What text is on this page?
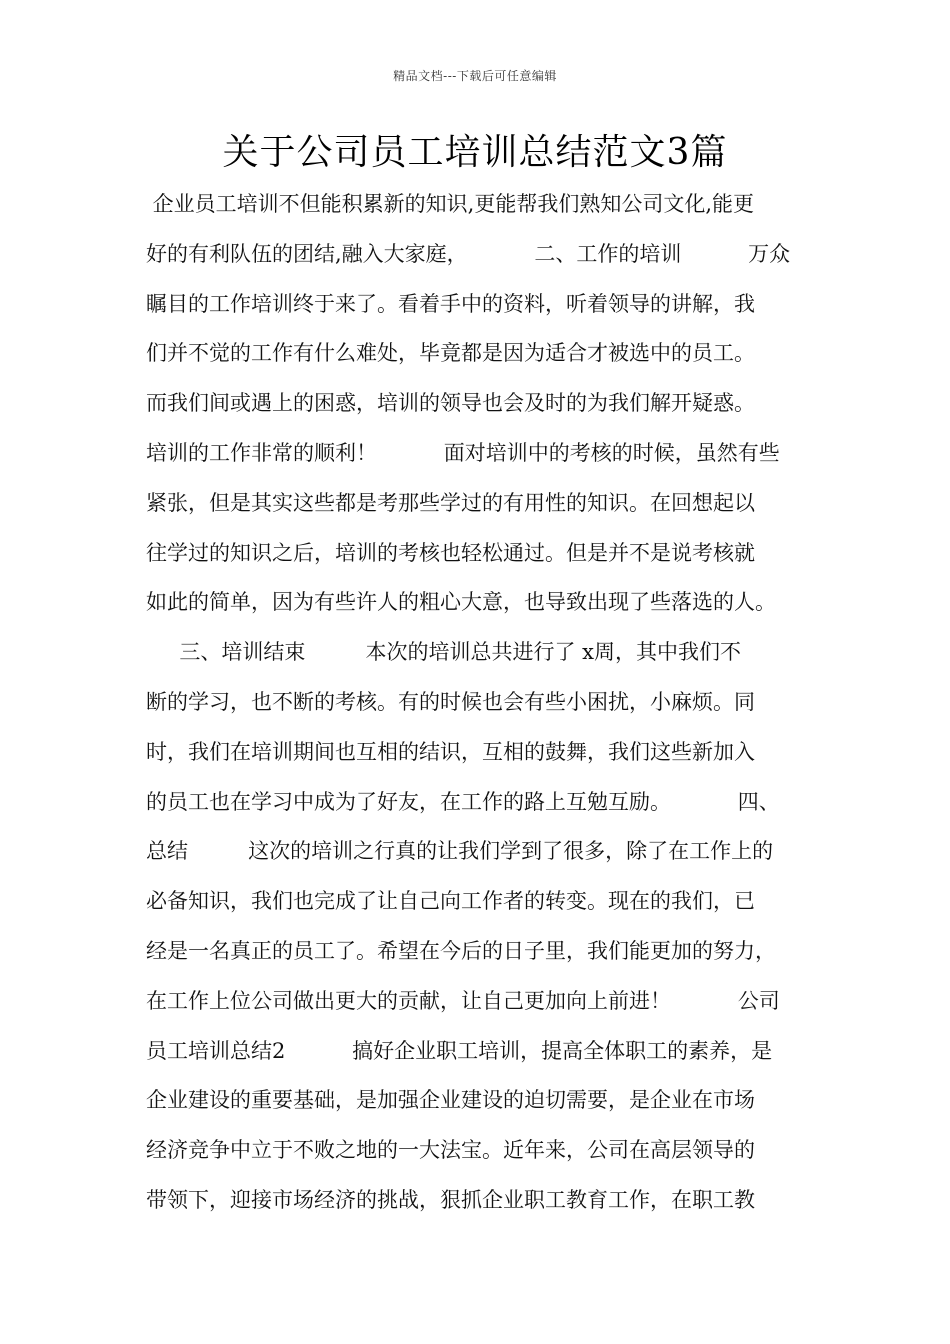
精品文档---下载后可任意编辑
关于公司员工培训总结范文3篇
企业员工培训不但能积累新的知识,更能帮我们熟知公司文化,能更
好的有利队伍的团结,融入大家庭，          二、工作的培训          万众
瞩目的工作培训终于来了。看着手中的资料，听着领导的讲解，我
们并不觉的工作有什么难处，毕竟都是因为适合才被选中的员工。
而我们间或遇上的困惑，培训的领导也会及时的为我们解开疑惑。
培训的工作非常的顺利！          面对培训中的考核的时候，虽然有些
紧张，但是其实这些都是考那些学过的有用性的知识。在回想起以
往学过的知识之后，培训的考核也轻松通过。但是并不是说考核就
如此的简单，因为有些许人的粗心大意，也导致出现了些落选的人。
三、培训结束         本次的培训总共进行了 x周，其中我们不
断的学习，也不断的考核。有的时候也会有些小困扰，小麻烦。同
时，我们在培训期间也互相的结识，互相的鼓舞，我们这些新加入
的员工也在学习中成为了好友，在工作的路上互勉互励。          四、
总结         这次的培训之行真的让我们学到了很多，除了在工作上的
必备知识，我们也完成了让自己向工作者的转变。现在的我们，已
经是一名真正的员工了。希望在今后的日子里，我们能更加的努力，
在工作上位公司做出更大的贡献，让自己更加向上前进！          公司
员工培训总结2          搞好企业职工培训，提高全体职工的素养，是
企业建设的重要基础，是加强企业建设的迫切需要，是企业在市场
经济竞争中立于不败之地的一大法宝。近年来，公司在高层领导的
带领下，迎接市场经济的挑战，狠抓企业职工教育工作，在职工教
